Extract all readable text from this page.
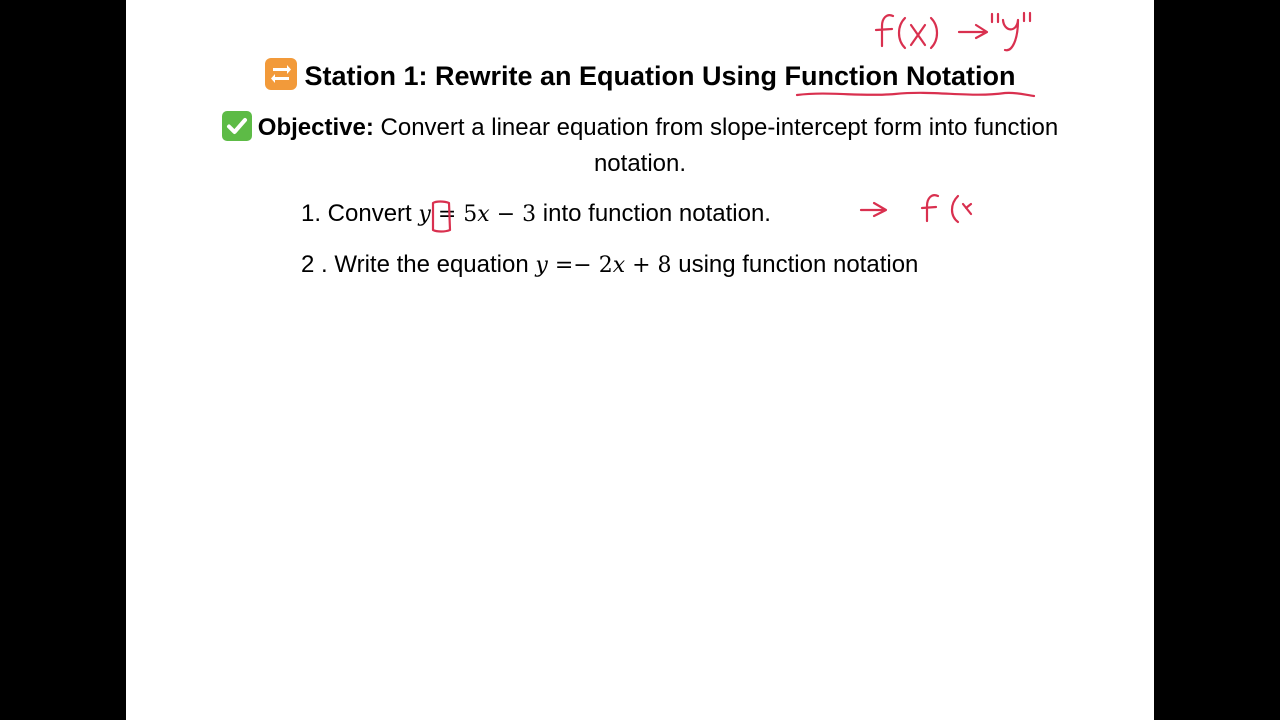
Station 1: Rewrite an Equation Using Function Notation
Objective: Convert a linear equation from slope-intercept form into function notation.
1. Convert y = 5x − 3 into function notation.
2 . Write the equation y =− 2x + 8 using function notation
